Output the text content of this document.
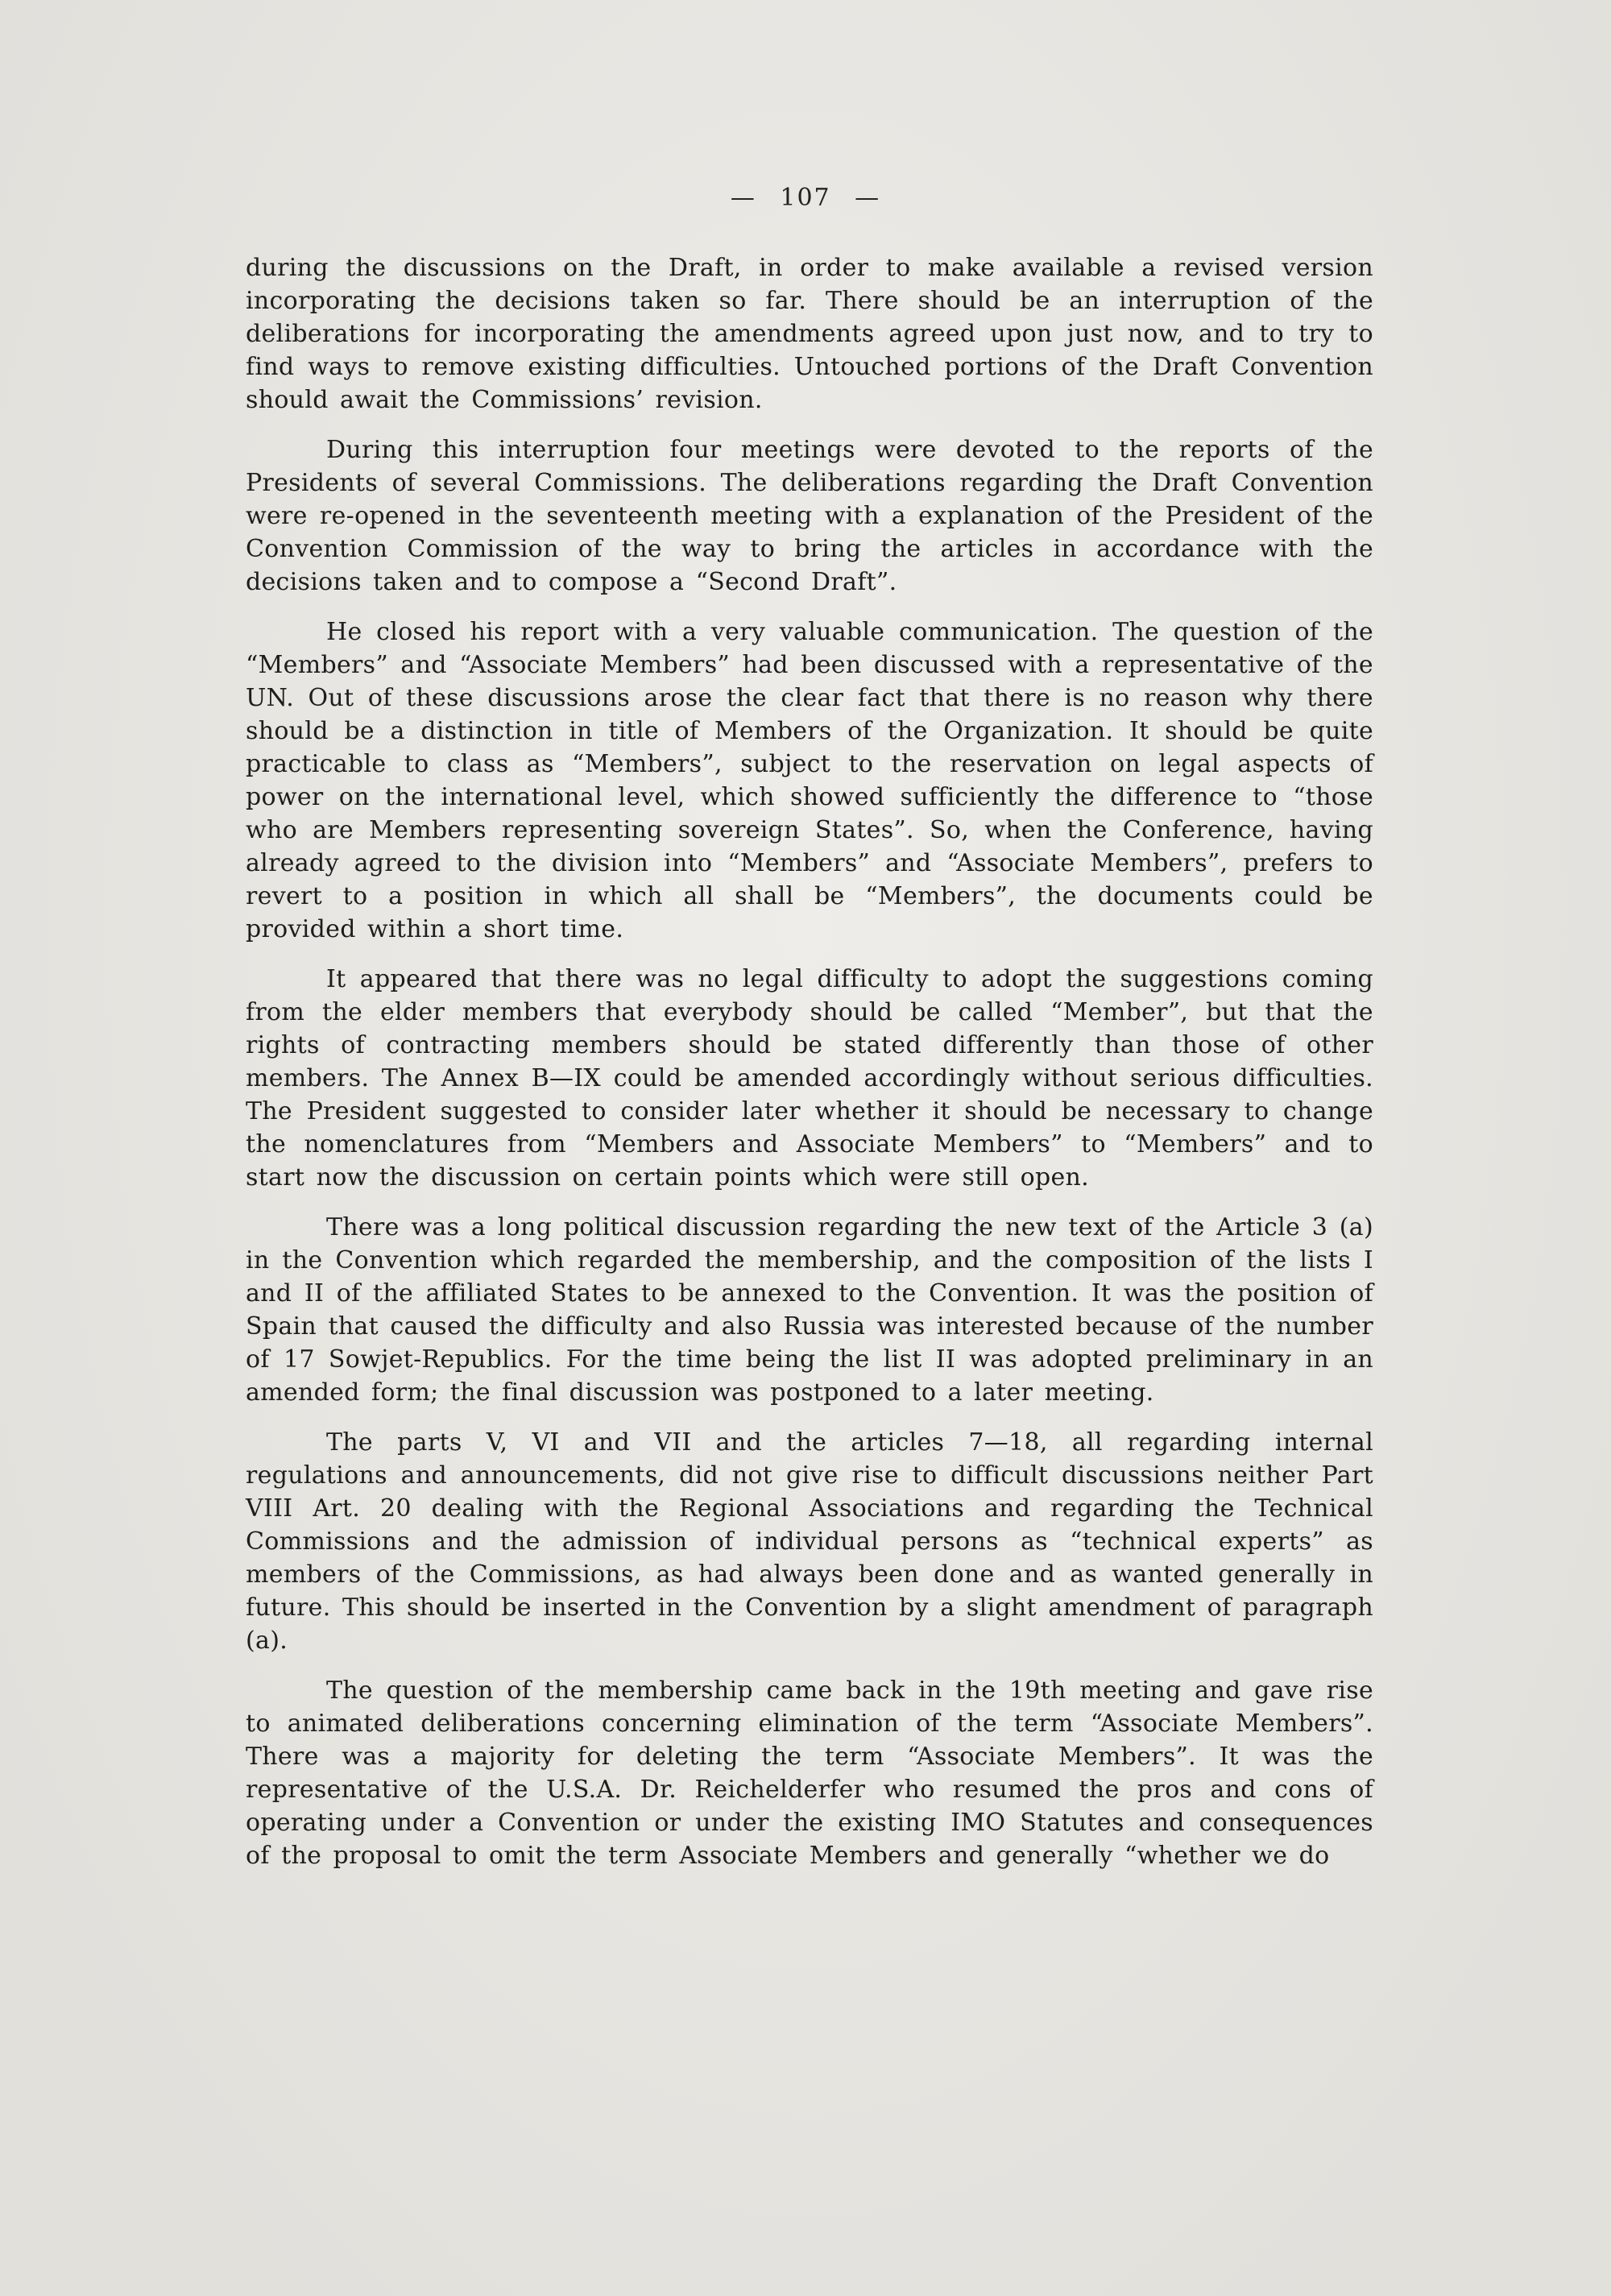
— 107 —

during the discussions on the Draft, in order to make available a revised version incorporating the decisions taken so far. There should be an interruption of the deliberations for incorporating the amendments agreed upon just now, and to try to find ways to remove existing difficulties. Untouched portions of the Draft Convention should await the Commissions’ revision.

During this interruption four meetings were devoted to the reports of the Presidents of several Commissions. The deliberations regarding the Draft Convention were re-opened in the seventeenth meeting with a explanation of the President of the Convention Commission of the way to bring the articles in accordance with the decisions taken and to compose a “Second Draft”.

He closed his report with a very valuable communication. The question of the “Members” and “Associate Members” had been discussed with a representative of the UN. Out of these discussions arose the clear fact that there is no reason why there should be a distinction in title of Members of the Organization. It should be quite practicable to class as “Members”, subject to the reservation on legal aspects of power on the international level, which showed sufficiently the difference to “those who are Members representing sovereign States”. So, when the Conference, having already agreed to the division into “Members” and “Associate Members”, prefers to revert to a position in which all shall be “Members”, the documents could be provided within a short time.

It appeared that there was no legal difficulty to adopt the suggestions coming from the elder members that everybody should be called “Member”, but that the rights of contracting members should be stated differently than those of other members. The Annex B—IX could be amended accordingly without serious difficulties. The President suggested to consider later whether it should be necessary to change the nomenclatures from “Members and Associate Members” to “Members” and to start now the discussion on certain points which were still open.

There was a long political discussion regarding the new text of the Article 3 (a) in the Convention which regarded the membership, and the composition of the lists I and II of the affiliated States to be annexed to the Convention. It was the position of Spain that caused the difficulty and also Russia was interested because of the number of 17 Sowjet-Republics. For the time being the list II was adopted preliminary in an amended form; the final discussion was postponed to a later meeting.

The parts V, VI and VII and the articles 7—18, all regarding internal regulations and announcements, did not give rise to difficult discussions neither Part VIII Art. 20 dealing with the Regional Associations and regarding the Technical Commissions and the admission of individual persons as “technical experts” as members of the Commissions, as had always been done and as wanted generally in future. This should be inserted in the Convention by a slight amendment of paragraph (a).

The question of the membership came back in the 19th meeting and gave rise to animated deliberations concerning elimination of the term “Associate Members”. There was a majority for deleting the term “Associate Members”. It was the representative of the U.S.A. Dr. Reichelderfer who resumed the pros and cons of operating under a Convention or under the existing IMO Statutes and consequences of the proposal to omit the term Associate Members and generally “whether we do
